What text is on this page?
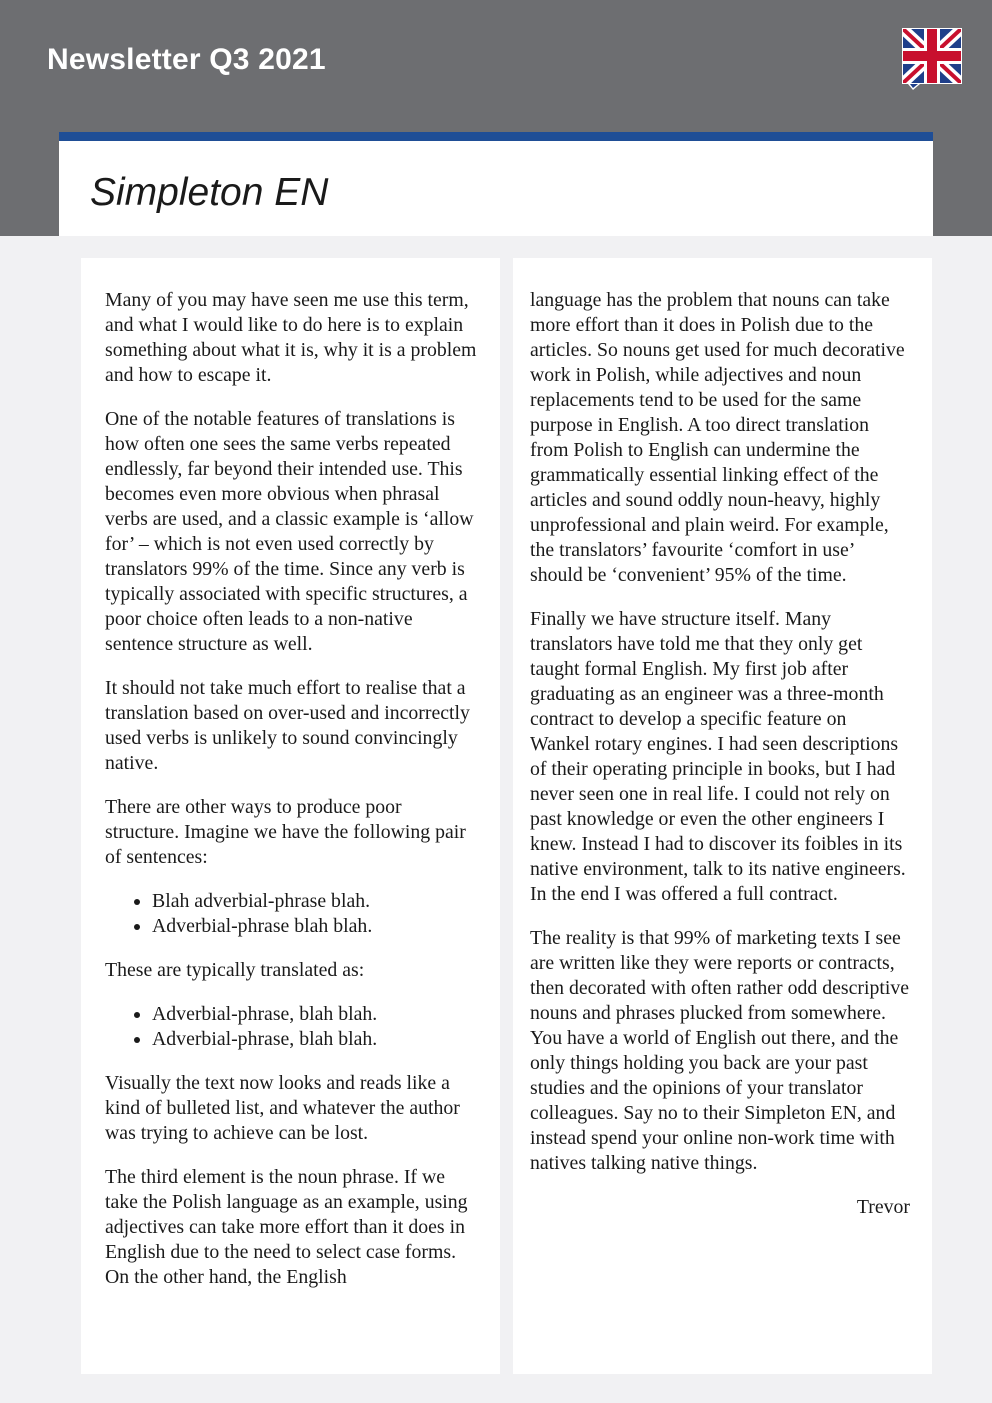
Newsletter Q3 2021
Simpleton EN

Many of you may have seen me use this term, and what I would like to do here is to explain something about what it is, why it is a problem and how to escape it.

One of the notable features of translations is how often one sees the same verbs repeated endlessly, far beyond their intended use. This becomes even more obvious when phrasal verbs are used, and a classic example is ‘allow for’ – which is not even used correctly by translators 99% of the time. Since any verb is typically associated with specific structures, a poor choice often leads to a non-native sentence structure as well.

It should not take much effort to realise that a translation based on over-used and incorrectly used verbs is unlikely to sound convincingly native.

There are other ways to produce poor structure. Imagine we have the following pair of sentences:

• Blah adverbial-phrase blah.
• Adverbial-phrase blah blah.

These are typically translated as:

• Adverbial-phrase, blah blah.
• Adverbial-phrase, blah blah.

Visually the text now looks and reads like a kind of bulleted list, and whatever the author was trying to achieve can be lost.

The third element is the noun phrase. If we take the Polish language as an example, using adjectives can take more effort than it does in English due to the need to select case forms. On the other hand, the English

language has the problem that nouns can take more effort than it does in Polish due to the articles. So nouns get used for much decorative work in Polish, while adjectives and noun replacements tend to be used for the same purpose in English. A too direct translation from Polish to English can undermine the grammatically essential linking effect of the articles and sound oddly noun-heavy, highly unprofessional and plain weird. For example, the translators’ favourite ‘comfort in use’ should be ‘convenient’ 95% of the time.

Finally we have structure itself. Many translators have told me that they only get taught formal English. My first job after graduating as an engineer was a three-month contract to develop a specific feature on Wankel rotary engines. I had seen descriptions of their operating principle in books, but I had never seen one in real life. I could not rely on past knowledge or even the other engineers I knew. Instead I had to discover its foibles in its native environment, talk to its native engineers. In the end I was offered a full contract.

The reality is that 99% of marketing texts I see are written like they were reports or contracts, then decorated with often rather odd descriptive nouns and phrases plucked from somewhere. You have a world of English out there, and the only things holding you back are your past studies and the opinions of your translator colleagues. Say no to their Simpleton EN, and instead spend your online non-work time with natives talking native things.

Trevor
